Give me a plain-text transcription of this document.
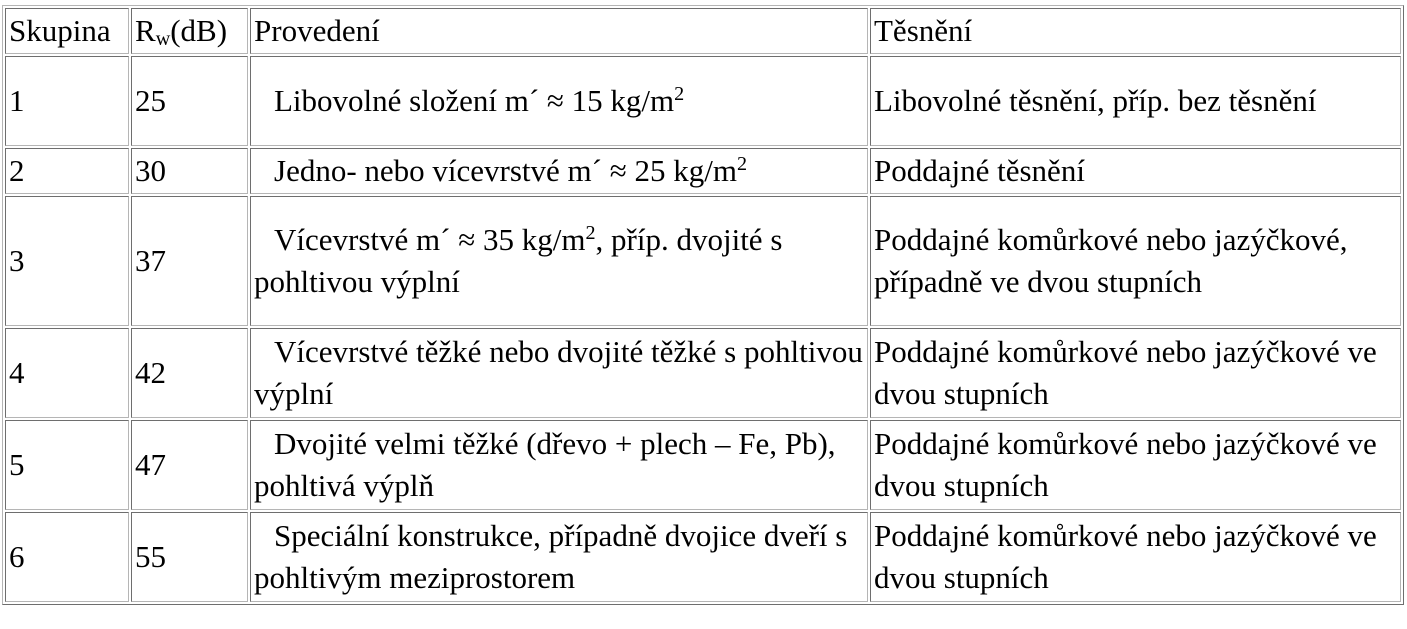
Skupina	$R_w(dB)$	Provedení	Těsnění
1	25	Libovolné složení m´ ≈ 15 $kg/m^2$	Libovolné těsnění, příp. bez těsnění
2	30	Jedno- nebo vícevrstvé m´ ≈ 25 $kg/m^2$	Poddajné těsnění
3	37	Vícevrstvé m´ ≈ 35 $kg/m^2$, příp. dvojité s pohltivou výplní	Poddajné komůrkové nebo jazýčkové, případně ve dvou stupních
4	42	Vícevrstvé těžké nebo dvojité těžké s pohltivou výplní	Poddajné komůrkové nebo jazýčkové ve dvou stupních
5	47	Dvojité velmi těžké (dřevo + plech – Fe, Pb), pohltivá výplň	Poddajné komůrkové nebo jazýčkové ve dvou stupních
6	55	Speciální konstrukce, případně dvojice dveří s pohltivým meziprostorem	Poddajné komůrkové nebo jazýčkové ve dvou stupních
